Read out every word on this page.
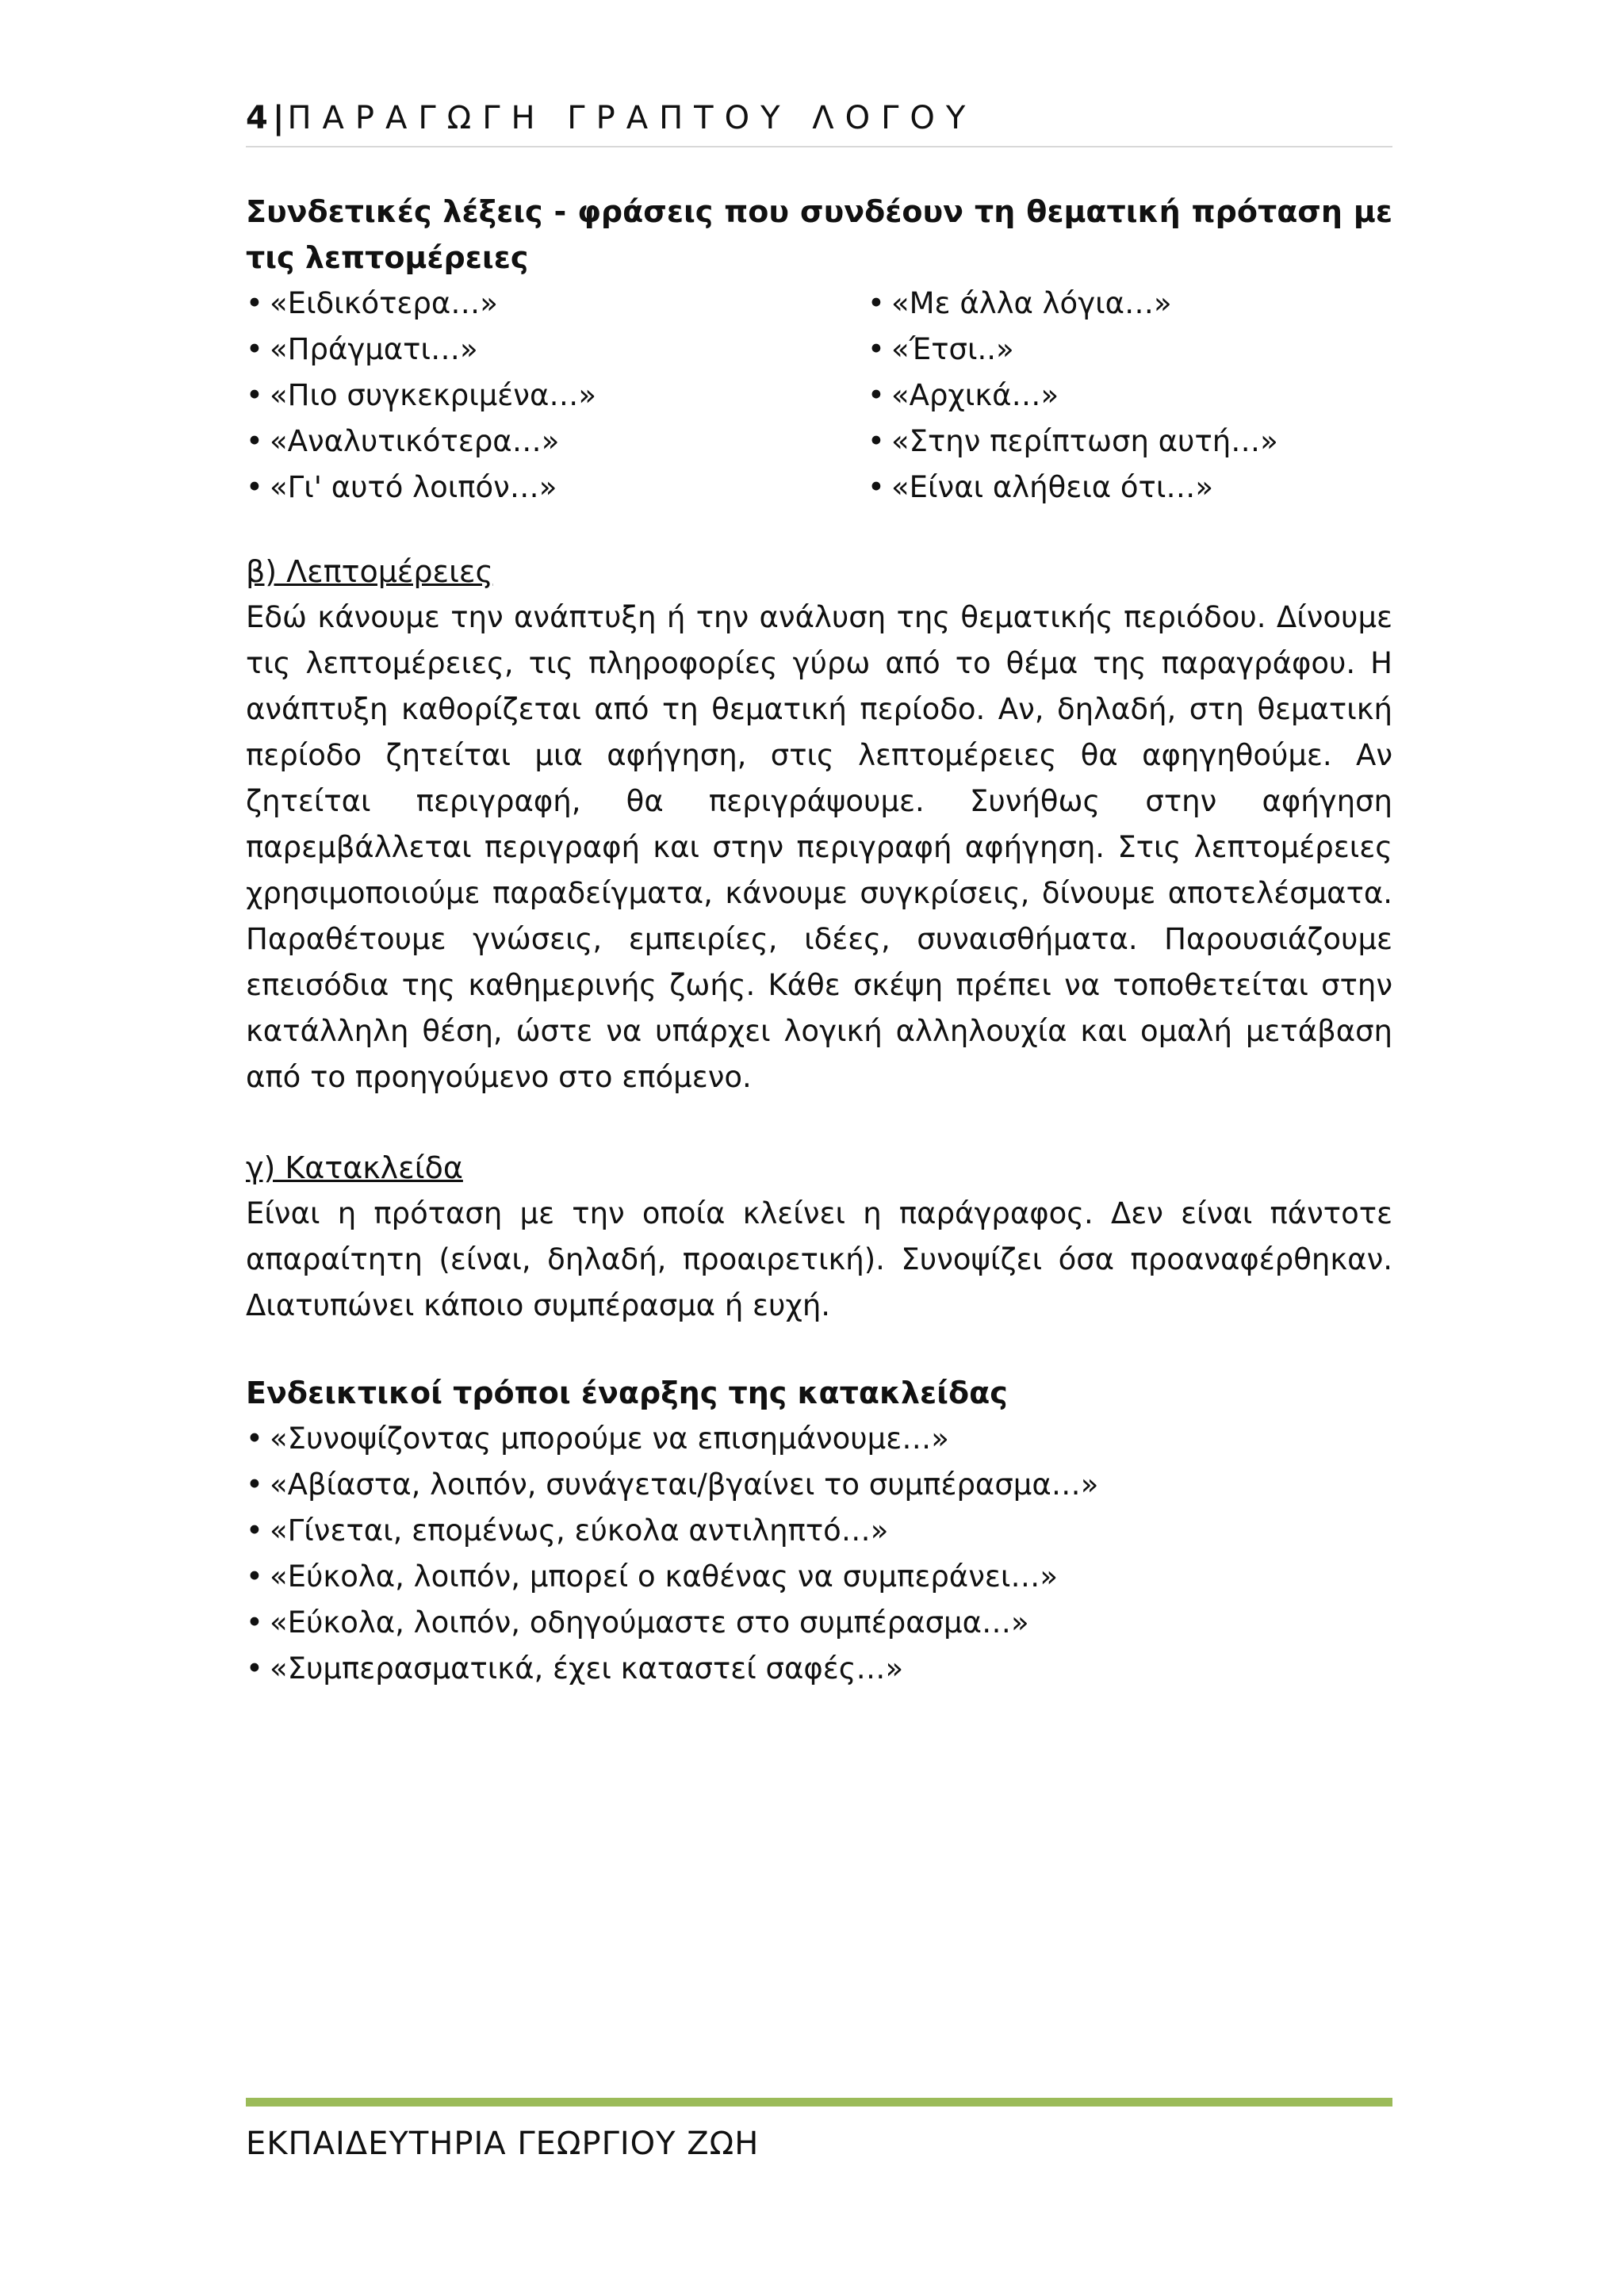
4 | ΠΑΡΑΓΩΓΗ ΓΡΑΠΤΟΥ ΛΟΓΟΥ
Συνδετικές λέξεις - φράσεις που συνδέουν τη θεματική πρόταση με τις λεπτομέρειες
• «Ειδικότερα…»
• «Πράγματι…»
• «Πιο συγκεκριμένα…»
• «Αναλυτικότερα…»
• «Γι' αυτό λοιπόν…»
• «Με άλλα λόγια…»
• «Έτσι..»
• «Αρχικά…»
• «Στην περίπτωση αυτή…»
• «Είναι αλήθεια ότι…»
β) Λεπτομέρειες
Εδώ κάνουμε την ανάπτυξη ή την ανάλυση της θεματικής περιόδου. Δίνουμε τις λεπτομέρειες, τις πληροφορίες γύρω από το θέμα της παραγράφου. Η ανάπτυξη καθορίζεται από τη θεματική περίοδο. Αν, δηλαδή, στη θεματική περίοδο ζητείται μια αφήγηση, στις λεπτομέρειες θα αφηγηθούμε. Αν ζητείται περιγραφή, θα περιγράψουμε. Συνήθως στην αφήγηση παρεμβάλλεται περιγραφή και στην περιγραφή αφήγηση. Στις λεπτομέρειες χρησιμοποιούμε παραδείγματα, κάνουμε συγκρίσεις, δίνουμε αποτελέσματα. Παραθέτουμε γνώσεις, εμπειρίες, ιδέες, συναισθήματα. Παρουσιάζουμε επεισόδια της καθημερινής ζωής. Κάθε σκέψη πρέπει να τοποθετείται στην κατάλληλη θέση, ώστε να υπάρχει λογική αλληλουχία και ομαλή μετάβαση από το προηγούμενο στο επόμενο.
γ) Κατακλείδα
Είναι η πρόταση με την οποία κλείνει η παράγραφος. Δεν είναι πάντοτε απαραίτητη (είναι, δηλαδή, προαιρετική). Συνοψίζει όσα προαναφέρθηκαν. Διατυπώνει κάποιο συμπέρασμα ή ευχή.
Ενδεικτικοί τρόποι έναρξης της κατακλείδας
• «Συνοψίζοντας μπορούμε να επισημάνουμε…»
• «Αβίαστα, λοιπόν, συνάγεται/βγαίνει το συμπέρασμα…»
• «Γίνεται, επομένως, εύκολα αντιληπτό…»
• «Εύκολα, λοιπόν, μπορεί ο καθένας να συμπεράνει…»
• «Εύκολα, λοιπόν, οδηγούμαστε στο συμπέρασμα…»
• «Συμπερασματικά, έχει καταστεί σαφές…»
ΕΚΠΑΙΔΕΥΤΗΡΙΑ ΓΕΩΡΓΙΟΥ ΖΩΗ
